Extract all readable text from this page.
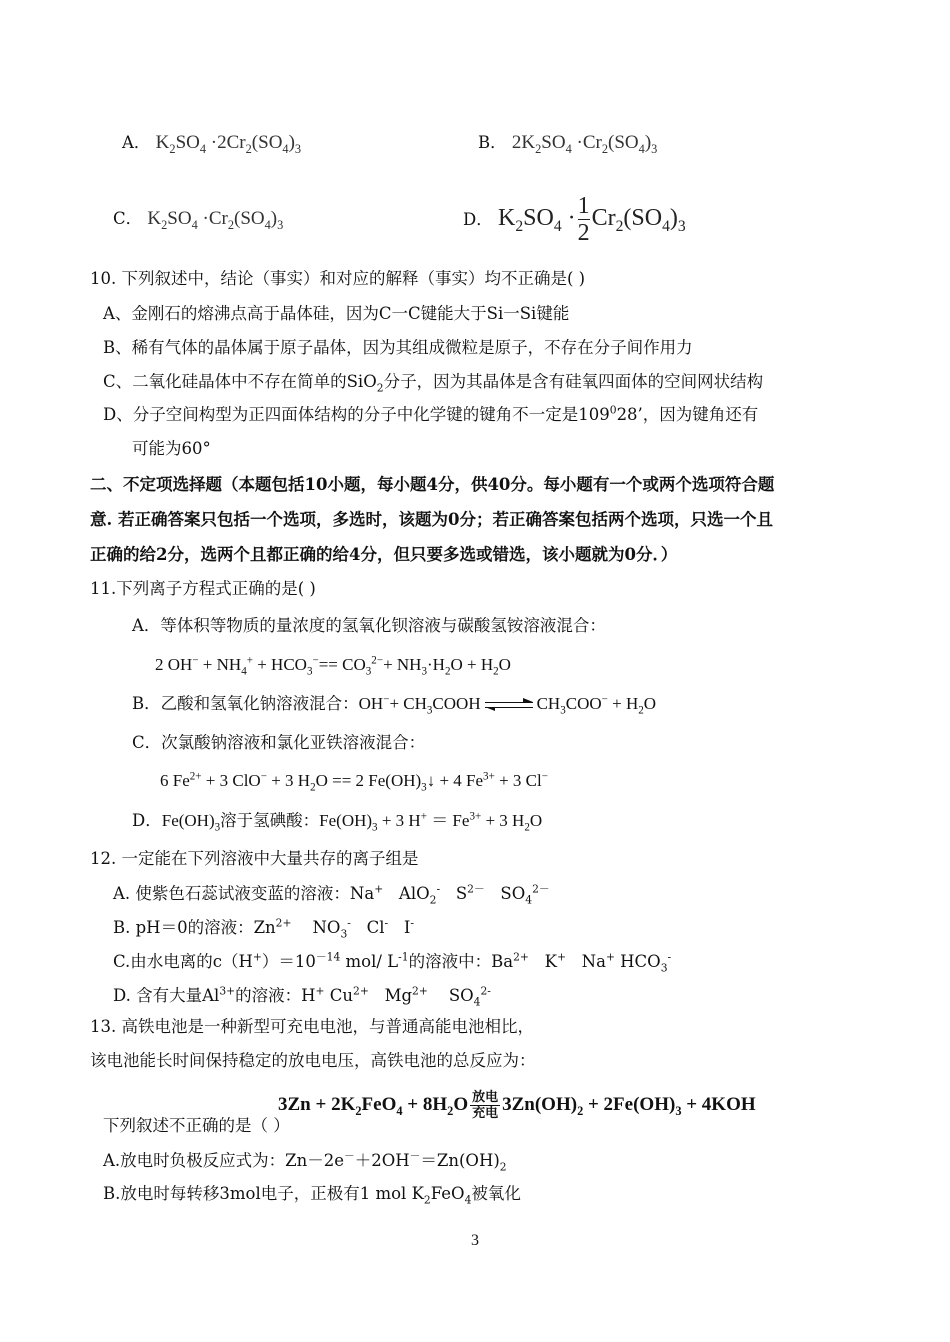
A． $K_2SO_4 \cdot 2Cr_2(SO_4)_3$	B． $2K_2SO_4 \cdot Cr_2(SO_4)_3$
C． $K_2SO_4 \cdot Cr_2(SO_4)_3$	D． $K_2SO_4 \cdot \frac{1}{2} Cr_2(SO_4)_3$
10. 下列叙述中，结论（事实）和对应的解释（事实）均不正确是( )
A、金刚石的熔沸点高于晶体硅，因为C一C键能大于Si一Si键能
B、稀有气体的晶体属于原子晶体，因为其组成微粒是原子，不存在分子间作用力
C、二氧化硅晶体中不存在简单的SiO$_2$分子，因为其晶体是含有硅氧四面体的空间网状结构
D、分子空间构型为正四面体结构的分子中化学键的键角不一定是$109^028$’，因为键角还有
可能为60°
二、不定项选择题（本题包括10小题，每小题4分，供40分。每小题有一个或两个选项符合题
意. 若正确答案只包括一个选项，多选时，该题为0分；若正确答案包括两个选项，只选一个且
正确的给2分，选两个且都正确的给4分，但只要多选或错选，该小题就为0分．）
11.下列离子方程式正确的是( )
A．等体积等物质的量浓度的氢氧化钡溶液与碳酸氢铵溶液混合：
2 $OH^- + NH_4^+ + HCO_3^-== CO_3^{2-}+ NH_3\cdot H_2O + H_2O$
B．乙酸和氢氧化钠溶液混合：$OH^-+ CH_3COOH$	$CH_3COO^- + H_2O$
C．次氯酸钠溶液和氯化亚铁溶液混合：
6 $Fe^{2+} + 3$ ClO− + 3 $H_2O == 2$ $Fe(OH)_3↓ + 4$ $Fe^{3+} + 3$ Cl−
D．$Fe(OH)_3$溶于氢碘酸：$Fe(OH)_3 + 3$ $H^+ = Fe^{3+} + 3$ $H_2O$
12. 一定能在下列溶液中大量共存的离子组是
A. 使紫色石蕊试液变蓝的溶液：Na+   AlO$_2$-   $S^{2-}$   $SO_4^{2-}$
B. pH＝0的溶液：$Zn^{2+}$    $NO_3^-$   Cl-   I-
C.由水电离的$c(H^+)=10^{-14}$ mol/ $L^{-1}$的溶液中：$Ba^{2+}$   K+   Na+ $HCO_3^-$
D. 含有大量$Al^{3+}$的溶液：H+ $Cu^{2+}$   $Mg^{2+}$    $SO_4^{2-}$
13. 高铁电池是一种新型可充电电池，与普通高能电池相比，
该电池能长时间保持稳定的放电电压，高铁电池的总反应为：
$3Zn + 2K_2FeO_4 + 8H_2O$ 放电
充电 $3Zn(OH)_2 + 2Fe(OH)_3 + 4KOH$
下列叙述不正确的是（ ）
A.放电时负极反应式为：$Zn-2e^-+2OH^-=Zn(OH)_2$
B.放电时每转移3mol电子，正极有1 mol $K_2FeO_4$被氧化
3
